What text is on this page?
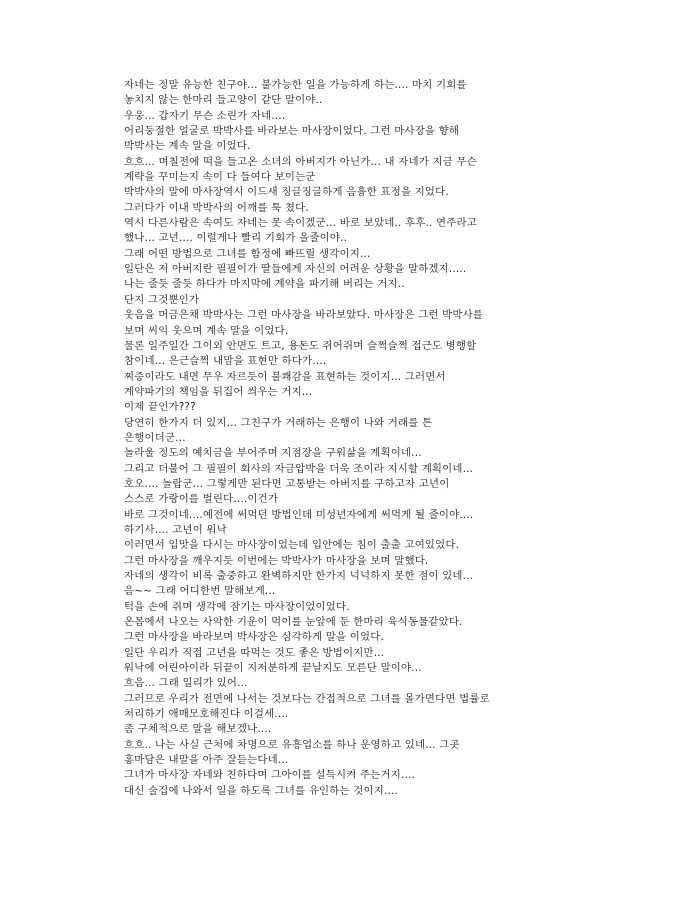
자네는 정말 유능한 친구야... 불가능한 일을 가능하게 하는.... 마치 기회를
놓치지 않는 한마리 들고양이 같단 말이야..
우웅... 갑자기 무슨 소린가 자네....
어리둥절한 얼굴로 박박사를 바라보는 마사장이었다. 그런 마사장을 향해
박박사는 계속 말을 이었다.
흐흐... 며칠전에 떡을 들고온 소녀의 아버지가 아닌가... 내 자네가 지금 무슨
계략을 꾸미는지 속이 다 들여다 보이는군
박박사의 말에 마사장역시 이드새 징글징글하게 음흉한 표정을 지었다.
그러다가 이내 박박사의 어깨를 툭 쳤다.
역시 다른사람은 속여도 자네는 못 속이겠군... 바로 보았네.. 후후.. 연주라고
했나... 고년.... 이럴게나 빨리 기회가 올줄이야..
그래 어떤 방법으로 그녀를 함정에 빠뜨릴 생각이지...
일단은 저 아버지란 필필이가 딸들에게 자신의 어려운 상황을 말하겠지.....
나는 줄듯 줄듯 하다가 마지막에 계약을 파기해 버리는 거지..
단지 그것뿐인가
웃음을 머금은채 박박사는 그런 마사장을 바라보았다. 마사장은 그런 박박사를
보며 씨익 웃으며 계속 말을 이었다.
물론 일주일간 그이외 안면도 트고, 용돈도 쥐어쥐며 슬쩍슬쩍 접근도 병행할
참이네... 은근슬쩍 내맘을 표현만 하다가....
찌증이라도 내면 무우 자르듯이 불쾌감을 표현하는 것이지... 그러면서
계약파기의 책임을 뒤집어 씌우는 거지...
이제 끝인가???
당연히 한가지 더 있지... 그친구가 거래하는 은행이 나와 거래를 튼
은행이더군...
놀라울 정도의 예치금을 부어주며 지점장을 구워삶을 계획이네...
그리고 더불어 그 필필이 회사의 자금압박을 더욱 조이라 지시할 계획이네...
호오.... 놀랍군... 그렇게만 된다면 고통받는 아버지를 구하고자 고년이
스스로 가랑이를 벌린다....이건가
바로 그것이네....예전에 써먹던 방법인데 미성년자에게 써먹게 될 줄이야....
하기사.... 고년이 워낙
이러면서 입맛을 다시는 마사장이었는데 입안에는 침이 출출 고여있었다.
그런 마사장을 깨우지듯 이번에는 박박사가 마사장을 보며 말했다.
자네의 생각이 비록 출중하고 완벽하지만 한가지 넉넉하지 못한 점이 있네...
음~~ 그래 어디한번 말해보게...
턱을 손에 쥐며 생각에 잠기는 마사장이었이었다.
온몸에서 나오는 사악한 기운이 먹이를 눈앞에 둔 한마리 육식동물같았다.
그런 마사장을 바라보며 박사장은 심각하게 말을 이었다.
일단 우리가 직접 고년을 따먹는 것도 좋은 방법이지만...
워낙에 어린아이라 뒤끝이 지저분하게 끝날지도 모른단 말이야...
흐음... 그래 일리가 있어...
그러므로 우리가 전면에 나서는 것보다는 간접적으로 그녀를 몰가면다면 법률로
처리하기 애매모호해진다 이걸세....
좀 구체적으로 말을 해보겠나....
흐흐.. 나는 사실 근처에 차명으로 유흥업소를 하나 운영하고 있네... 그곳
홍마담은 내말을 아주 잘듣는다네...
그녀가 마사장 자네와 친하다며 그아이를 설득시켜 주는거지....
대신 술집에 나와서 일을 하도록 그녀를 유인하는 것이지....
